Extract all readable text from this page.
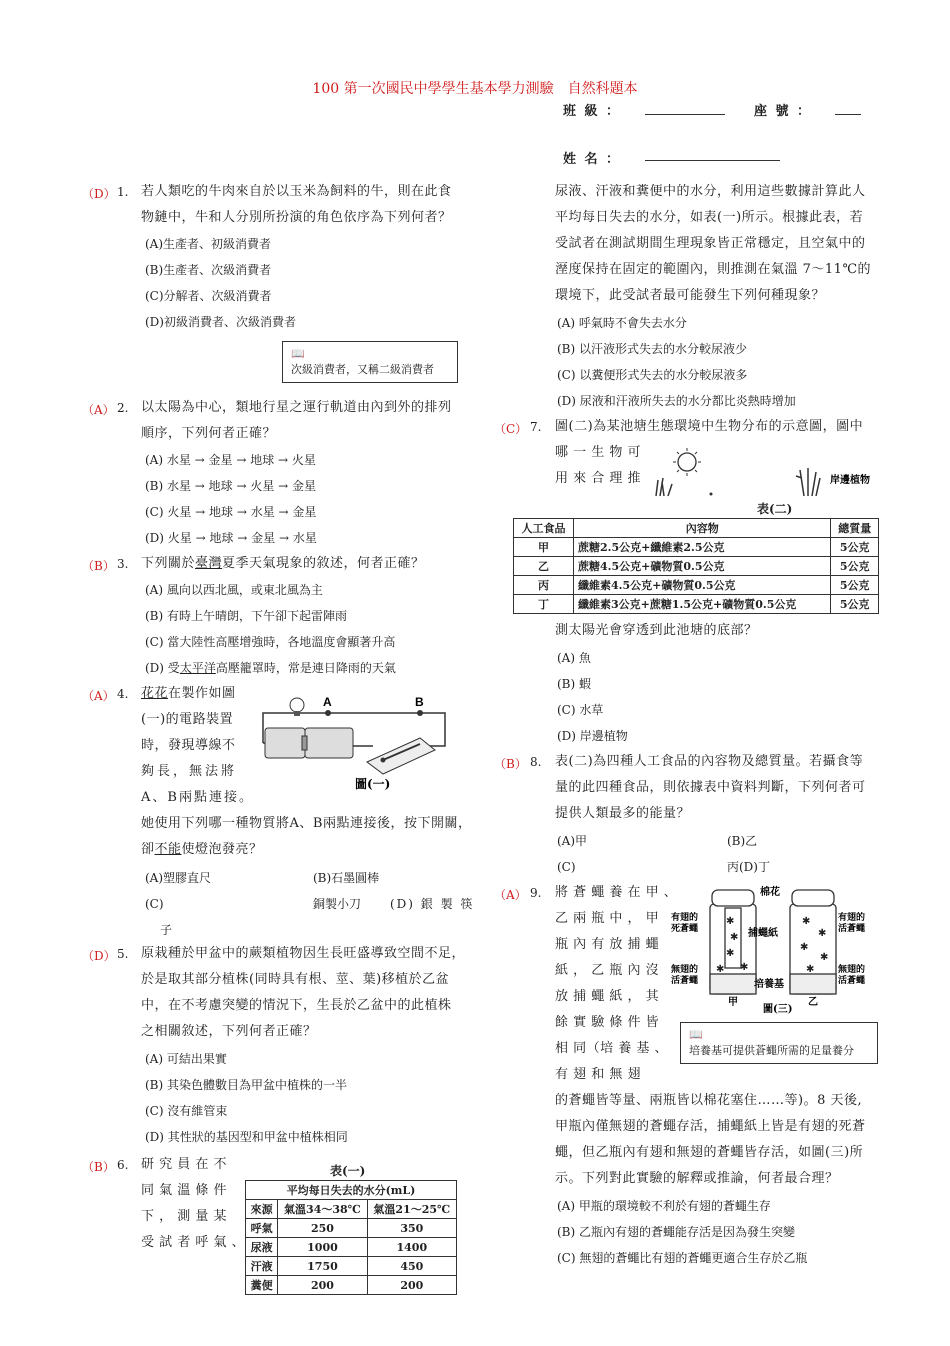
100 第一次國民中學學生基本學力測驗　自然科題本
班 級 ：	座 號 ：
姓 名 ：
（D） 1. 若人類吃的牛肉來自於以玉米為飼料的牛，則在此食
物鏈中，牛和人分別所扮演的角色依序為下列何者？
(A)生產者、初級消費者
(B)生產者、次級消費者
(C)分解者、次級消費者
(D)初級消費者、次級消費者
📖
次級消費者，又稱二級消費者
（A） 2. 以太陽為中心，類地行星之運行軌道由內到外的排列
順序，下列何者正確？
(A) 水星 → 金星 → 地球 → 火星
(B) 水星 → 地球 → 火星 → 金星
(C) 火星 → 地球 → 水星 → 金星
(D) 火星 → 地球 → 金星 → 水星
（B） 3. 下列關於臺灣夏季天氣現象的敘述，何者正確？
(A) 風向以西北風，或東北風為主
(B) 有時上午晴朗，下午卻下起雷陣雨
(C) 當大陸性高壓增強時，各地溫度會顯著升高
(D) 受太平洋高壓籠罩時，常是連日降雨的天氣
（A） 4. 花花在製作如圖
(一)的電路裝置
時，發現導線不
夠長，無法將
A、B兩點連接。
她使用下列哪一種物質將A、B兩點連接後，按下開關，
卻不能使燈泡發亮？
(A)塑膠直尺	(B)石墨圓棒
(C)	銅製小刀 (D) 銀 製 筷
子
A	B
圖(一)
（D） 5. 原栽種於甲盆中的蕨類植物因生長旺盛導致空間不足，
於是取其部分植株(同時具有根、莖、葉)移植於乙盆
中，在不考慮突變的情況下，生長於乙盆中的此植株
之相關敘述，下列何者正確？
(A) 可結出果實
(B) 其染色體數目為甲盆中植株的一半
(C) 沒有維管束
(D) 其性狀的基因型和甲盆中植株相同
（B） 6. 研 究 員 在 不
同 氣 溫 條 件
下 ， 測 量 某
受 試 者 呼 氣 、
表(一)
平均每日失去的水分(mL)		
來源	氣溫34～38℃	氣溫21～25℃
呼氣	250	350
尿液	1000	1400
汗液	1750	450
糞便	200	200
尿液、汗液和糞便中的水分，利用這些數據計算此人
平均每日失去的水分，如表(一)所示。根據此表，若
受試者在測試期間生理現象皆正常穩定，且空氣中的
溼度保持在固定的範圍內，則推測在氣溫 7～11℃的
環境下，此受試者最可能發生下列何種現象？
(A) 呼氣時不會失去水分
(B) 以汗液形式失去的水分較尿液少
(C) 以糞便形式失去的水分較尿液多
(D) 尿液和汗液所失去的水分都比炎熱時增加
（C） 7. 圖(二)為某池塘生態環境中生物分布的示意圖，圖中
哪 一 生 物 可
用 來 合 理 推	岸邊植物
表(二)
人工食品	內容物	總質量
甲	蔗糖2.5公克+纖維素2.5公克	5公克
乙	蔗糖4.5公克+礦物質0.5公克	5公克
丙	纖維素4.5公克+礦物質0.5公克	5公克
丁	纖維素3公克+蔗糖1.5公克+礦物質0.5公克	5公克
測太陽光會穿透到此池塘的底部？
(A) 魚
(B) 蝦
(C) 水草
(D) 岸邊植物
（B） 8. 表(二)為四種人工食品的內容物及總質量。若攝食等
量的此四種食品，則依據表中資料判斷，下列何者可
提供人類最多的能量？
(A)甲	(B)乙
(C)	丙(D)丁
（A） 9. 將 蒼 蠅 養 在 甲 、
乙 兩 瓶 中 ， 甲
瓶 內 有 放 捕 蠅
紙 ， 乙 瓶 內 沒
放 捕 蠅 紙 ， 其
餘 實 驗 條 件 皆
相 同（培 養 基 、
有 翅 和 無 翅
✱
✱
✱
✱ ✱
✱
✱
✱
✱
✱
棉花
捕蠅紙
培養基
有翅的
死蒼蠅
無翅的
活蒼蠅
有翅的
活蒼蠅
無翅的
活蒼蠅
甲	乙
圖(三)
📖
培養基可提供蒼蠅所需的足量養分
的蒼蠅皆等量、兩瓶皆以棉花塞住……等)。8 天後,
甲瓶內僅無翅的蒼蠅存活，捕蠅紙上皆是有翅的死蒼
蠅，但乙瓶內有翅和無翅的蒼蠅皆存活，如圖(三)所
示。下列對此實驗的解釋或推論，何者最合理？
(A) 甲瓶的環境較不利於有翅的蒼蠅生存
(B) 乙瓶內有翅的蒼蠅能存活是因為發生突變
(C) 無翅的蒼蠅比有翅的蒼蠅更適合生存於乙瓶
